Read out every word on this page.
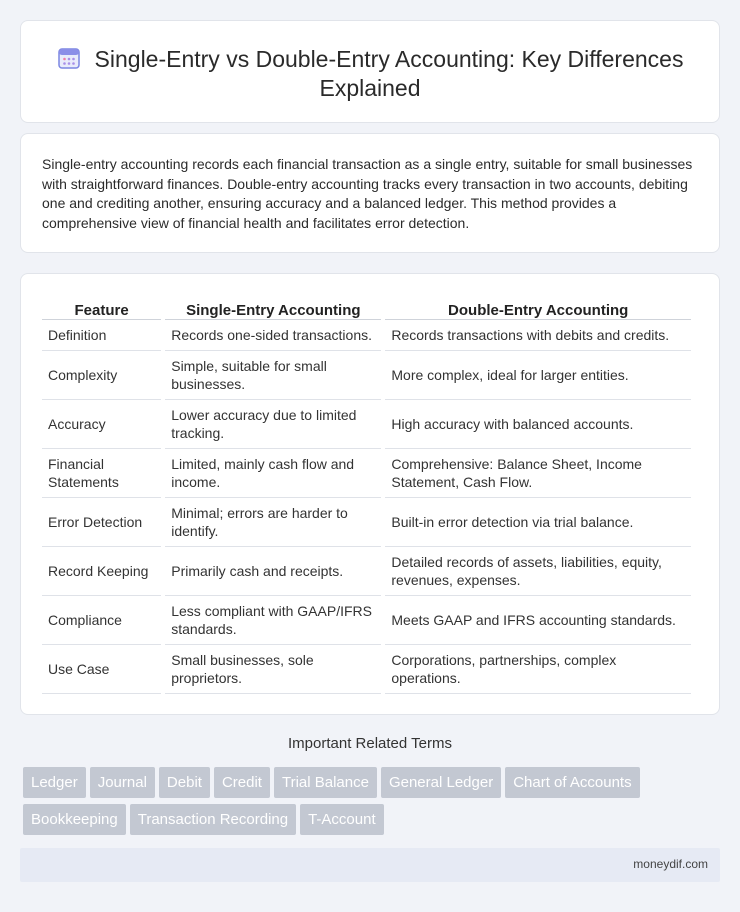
Single-Entry vs Double-Entry Accounting: Key Differences Explained

Single-entry accounting records each financial transaction as a single entry, suitable for small businesses with straightforward finances. Double-entry accounting tracks every transaction in two accounts, debiting one and crediting another, ensuring accuracy and a balanced ledger. This method provides a comprehensive view of financial health and facilitates error detection.

Feature	Single-Entry Accounting	Double-Entry Accounting
Definition	Records one-sided transactions.	Records transactions with debits and credits.
Complexity	Simple, suitable for small businesses.	More complex, ideal for larger entities.
Accuracy	Lower accuracy due to limited tracking.	High accuracy with balanced accounts.
Financial Statements	Limited, mainly cash flow and income.	Comprehensive: Balance Sheet, Income Statement, Cash Flow.
Error Detection	Minimal; errors are harder to identify.	Built-in error detection via trial balance.
Record Keeping	Primarily cash and receipts.	Detailed records of assets, liabilities, equity, revenues, expenses.
Compliance	Less compliant with GAAP/IFRS standards.	Meets GAAP and IFRS accounting standards.
Use Case	Small businesses, sole proprietors.	Corporations, partnerships, complex operations.
Important Related Terms
Ledger Journal Debit Credit Trial Balance General Ledger Chart of Accounts
Bookkeeping Transaction Recording T-Account
moneydif.com
